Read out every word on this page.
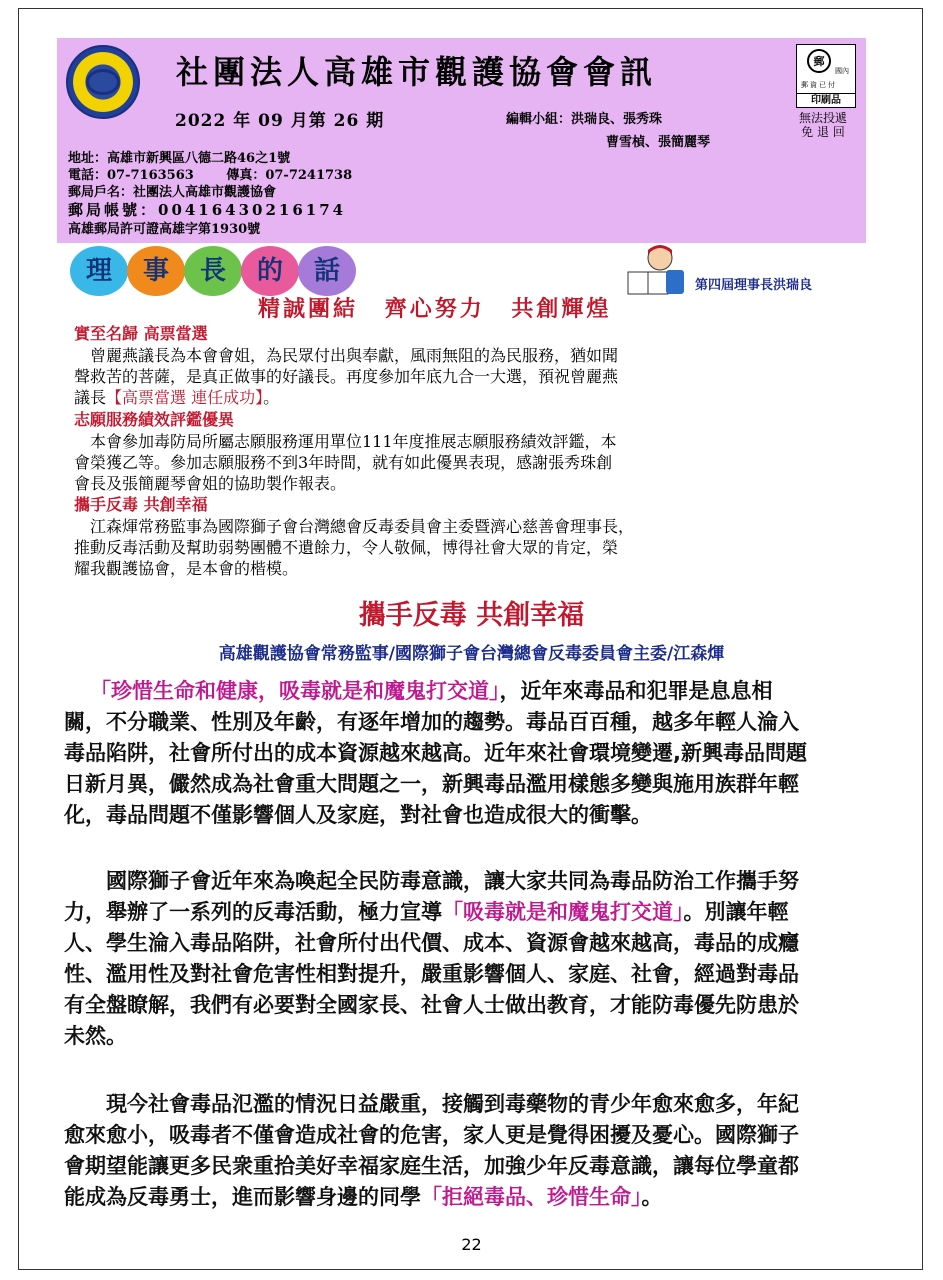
社團法人高雄市觀護協會會訊
2022 年 09 月第 26 期	編輯小組：洪瑞良、張秀珠
曹雪楨、張簡麗琴
郵
國內
郵資已付
印刷品
無法投遞
免 退 回
地址：高雄市新興區八德二路46之1號
電話：07-7163563	傳真：07-7241738
郵局戶名：社團法人高雄市觀護協會
郵局帳號：00416430216174
高雄郵局許可證高雄字第1930號
理	事	長	的	話	第四屆理事長洪瑞良
精誠團結 齊心努力 共創輝煌
實至名歸 高票當選
　曾麗燕議長為本會會姐，為民眾付出與奉獻，風雨無阻的為民服務，猶如聞
聲救苦的菩薩，是真正做事的好議長。再度參加年底九合一大選，預祝曾麗燕
議長【高票當選 連任成功】。
志願服務績效評鑑優異
　本會參加毒防局所屬志願服務運用單位111年度推展志願服務績效評鑑，本
會榮獲乙等。參加志願服務不到3年時間，就有如此優異表現，感謝張秀珠創
會長及張簡麗琴會姐的協助製作報表。
攜手反毒 共創幸福
　江森煇常務監事為國際獅子會台灣總會反毒委員會主委暨濟心慈善會理事長，
推動反毒活動及幫助弱勢團體不遺餘力，令人敬佩，博得社會大眾的肯定，榮
耀我觀護協會，是本會的楷模。
攜手反毒 共創幸福
高雄觀護協會常務監事/國際獅子會台灣總會反毒委員會主委/江森煇
「珍惜生命和健康，吸毒就是和魔鬼打交道」，近年來毒品和犯罪是息息相
關，不分職業、性別及年齡，有逐年增加的趨勢。毒品百百種，越多年輕人淪入
毒品陷阱，社會所付出的成本資源越來越高。近年來社會環境變遷,新興毒品問題
日新月異，儼然成為社會重大問題之一，新興毒品濫用樣態多變與施用族群年輕
化，毒品問題不僅影響個人及家庭，對社會也造成很大的衝擊。
　　國際獅子會近年來為喚起全民防毒意識，讓大家共同為毒品防治工作攜手努
力，舉辦了一系列的反毒活動，極力宣導「吸毒就是和魔鬼打交道」。別讓年輕
人、學生淪入毒品陷阱，社會所付出代價、成本、資源會越來越高，毒品的成癮
性、濫用性及對社會危害性相對提升，嚴重影響個人、家庭、社會，經過對毒品
有全盤瞭解，我們有必要對全國家長、社會人士做出教育，才能防毒優先防患於
未然。
　　現今社會毒品氾濫的情況日益嚴重，接觸到毒藥物的青少年愈來愈多，年紀
愈來愈小，吸毒者不僅會造成社會的危害，家人更是覺得困擾及憂心。國際獅子
會期望能讓更多民衆重拾美好幸福家庭生活，加強少年反毒意識，讓每位學童都
能成為反毒勇士，進而影響身邊的同學「拒絕毒品、珍惜生命」。
22
